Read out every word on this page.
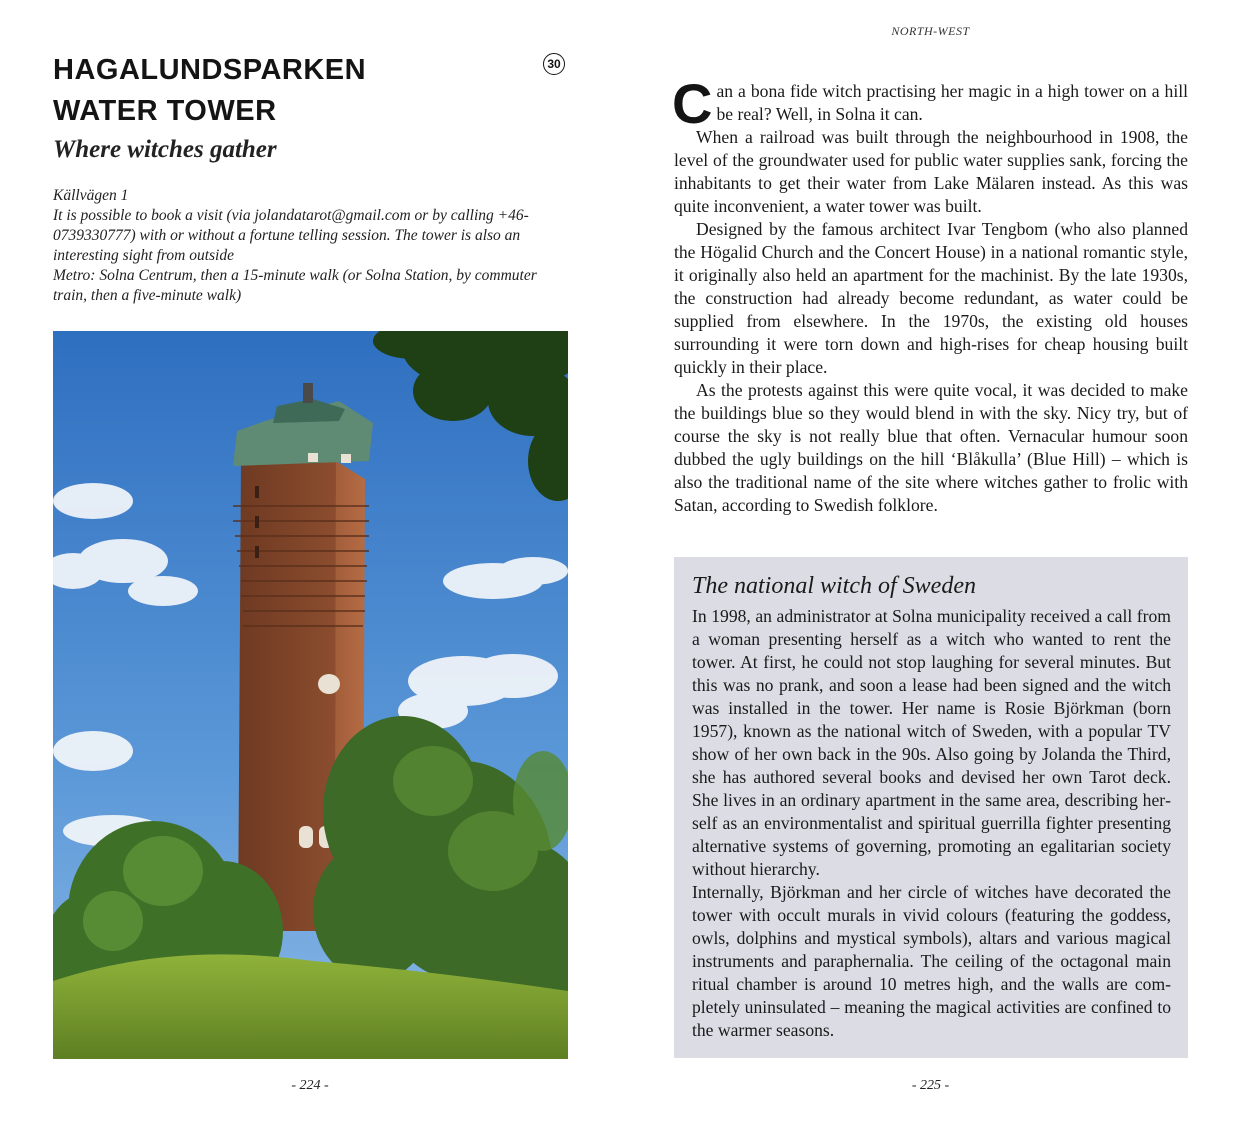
HAGALUNDSPARKEN
WATER TOWER
30
Where witches gather
Källvägen 1
It is possible to book a visit (via jolandatarot@gmail.com or by calling +46-0739330777) with or without a fortune telling session. The tower is also an interesting sight from outside
Metro: Solna Centrum, then a 15-minute walk (or Solna Station, by commuter train, then a five-minute walk)
- 224 -
NORTH-WEST

Can a bona fide witch practising her magic in a high tower on a hill be real? Well, in Solna it can.

When a railroad was built through the neighbourhood in 1908, the level of the groundwater used for public water supplies sank, forcing the inhabitants to get their water from Lake Mälaren instead. As this was quite inconvenient, a water tower was built.

Designed by the famous architect Ivar Tengbom (who also planned the Högalid Church and the Concert House) in a national romantic style, it originally also held an apartment for the machinist. By the late 1930s, the construction had already become redundant, as water could be supplied from elsewhere. In the 1970s, the existing old houses surrounding it were torn down and high-rises for cheap housing built quickly in their place.

As the protests against this were quite vocal, it was decided to make the buildings blue so they would blend in with the sky. Nicy try, but of course the sky is not really blue that often. Vernacular humour soon dubbed the ugly buildings on the hill ‘Blåkulla’ (Blue Hill) – which is also the traditional name of the site where witches gather to frolic with Satan, according to Swedish folklore.

The national witch of Sweden

In 1998, an administrator at Solna municipality received a call from a woman presenting herself as a witch who wanted to rent the tower. At first, he could not stop laughing for several minutes. But this was no prank, and soon a lease had been signed and the witch was installed in the tower. Her name is Rosie Björkman (born 1957), known as the national witch of Sweden, with a popular TV show of her own back in the 90s. Also going by Jolanda the Third, she has authored several books and devised her own Tarot deck. She lives in an ordinary apartment in the same area, describing herself as an environmentalist and spiritual guerrilla fighter presenting alternative systems of governing, promoting an egalitarian society without hierarchy.

Internally, Björkman and her circle of witches have decorated the tower with occult murals in vivid colours (featuring the goddess, owls, dolphins and mystical symbols), altars and various magical instruments and paraphernalia. The ceiling of the octagonal main ritual chamber is around 10 metres high, and the walls are completely uninsulated – meaning the magical activities are confined to the warmer seasons.

- 225 -
